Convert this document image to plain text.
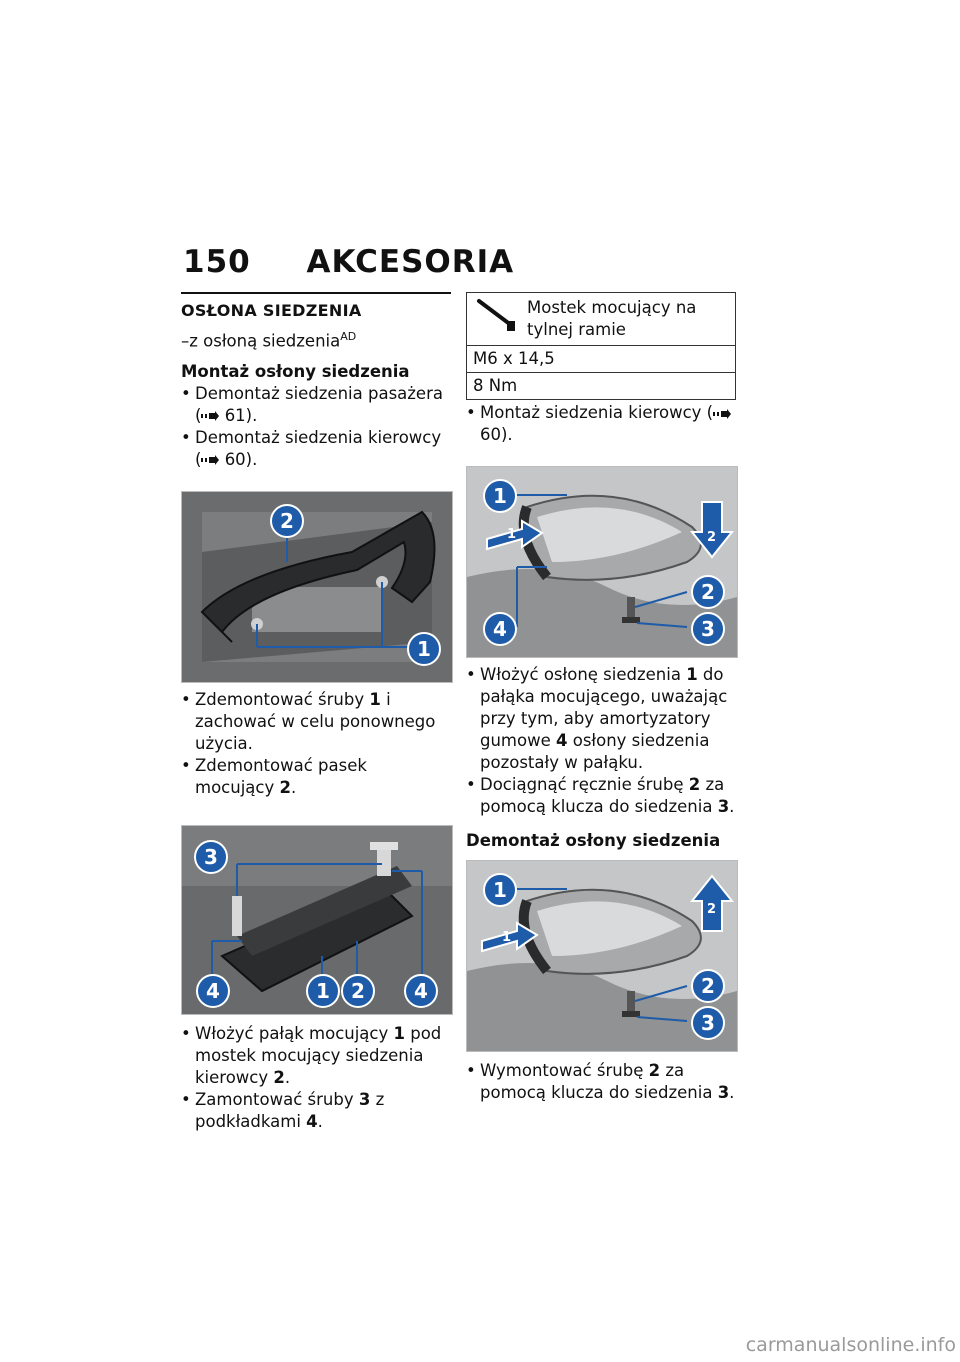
150 AKCESORIA
OSŁONA SIEDZENIA
–z osłoną siedzenia$^{AD}$
Montaż osłony siedzenia
• Demontaż siedzenia pasażera ( 61).
• Demontaż siedzenia kierowcy ( 60).
2
1
• Zdemontować śruby 1 i zachować w celu ponownego użycia.
• Zdemontować pasek mocujący 2.
3
4	1	2	4
• Włożyć pałąk mocujący 1 pod mostek mocujący siedzenia kierowcy 2.
• Zamontować śruby 3 z podkładkami 4.
Mostek mocujący na tylnej ramie

M6 x 14,5
8 Nm
• Montaż siedzenia kierowcy ( 60).
1
4
2
3
1	2
• Włożyć osłonę siedzenia 1 do pałąka mocującego, uważając przy tym, aby amortyzatory gumowe 4 osłony siedzenia pozostały w pałąku.
• Dociągnąć ręcznie śrubę 2 za pomocą klucza do siedzenia 3.
Demontaż osłony siedzenia
1
2
3
1
2
• Wymontować śrubę 2 za pomocą klucza do siedzenia 3.
carmanualsonline.info
